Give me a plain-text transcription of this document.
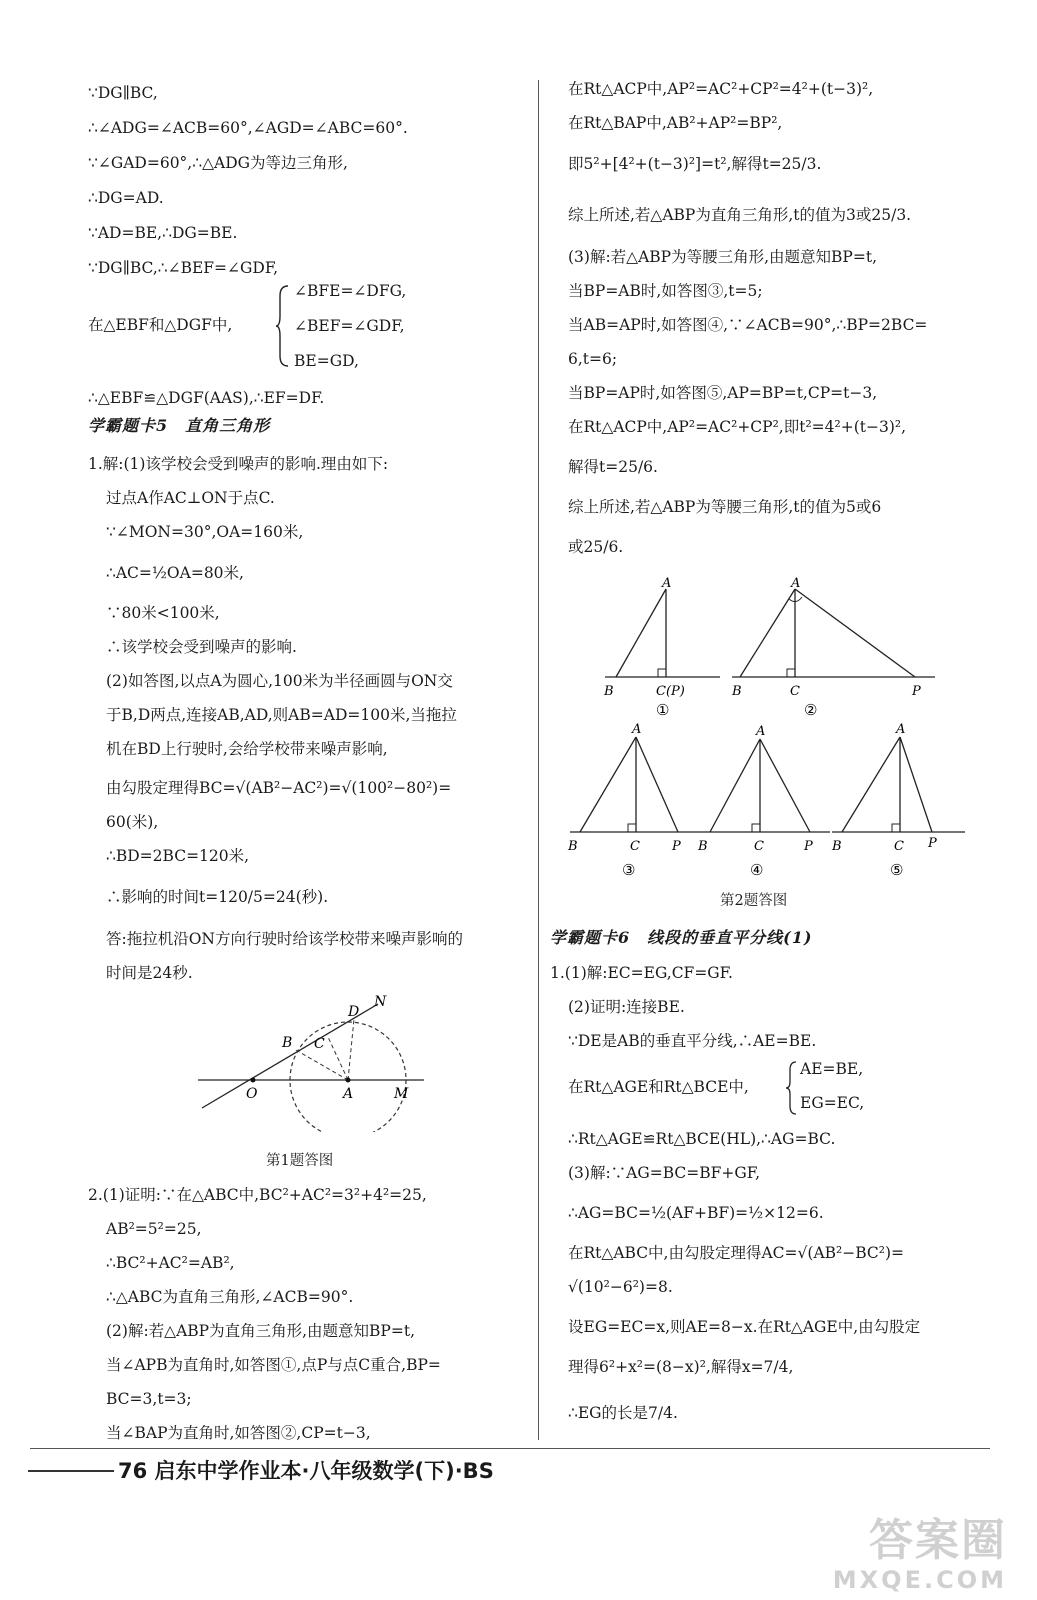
∵DG∥BC,
∴∠ADG=∠ACB=60°,∠AGD=∠ABC=60°.
∵∠GAD=60°,∴△ADG为等边三角形,
∴DG=AD.
∵AD=BE,∴DG=BE.
∵DG∥BC,∴∠BEF=∠GDF,
在△EBF和△DGF中,
∠BFE=∠DFG,
∠BEF=∠GDF,
BE=GD,
∴△EBF≌△DGF(AAS),∴EF=DF.
学霸题卡5　直角三角形
1.解:(1)该学校会受到噪声的影响.理由如下:
过点A作AC⊥ON于点C.
∵∠MON=30°,OA=160米,
∴AC=½OA=80米,
∵80米<100米,
∴该学校会受到噪声的影响.
(2)如答图,以点A为圆心,100米为半径画圆与ON交
于B,D两点,连接AB,AD,则AB=AD=100米,当拖拉
机在BD上行驶时,会给学校带来噪声影响,
由勾股定理得BC=√(AB²−AC²)=√(100²−80²)=
60(米),
∴BD=2BC=120米,
∴影响的时间t=120/5=24(秒).
答:拖拉机沿ON方向行驶时给该学校带来噪声影响的
时间是24秒.
O	A	M
N
B C
D
第1题答图
2.(1)证明:∵在△ABC中,BC²+AC²=3²+4²=25,
AB²=5²=25,
∴BC²+AC²=AB²,
∴△ABC为直角三角形,∠ACB=90°.
(2)解:若△ABP为直角三角形,由题意知BP=t,
当∠APB为直角时,如答图①,点P与点C重合,BP=
BC=3,t=3;
当∠BAP为直角时,如答图②,CP=t−3,
在Rt△ACP中,AP²=AC²+CP²=4²+(t−3)²,
在Rt△BAP中,AB²+AP²=BP²,
即5²+[4²+(t−3)²]=t²,解得t=25/3.
综上所述,若△ABP为直角三角形,t的值为3或25/3.
(3)解:若△ABP为等腰三角形,由题意知BP=t,
当BP=AB时,如答图③,t=5;
当AB=AP时,如答图④,∵∠ACB=90°,∴BP=2BC=
6,t=6;
当BP=AP时,如答图⑤,AP=BP=t,CP=t−3,
在Rt△ACP中,AP²=AC²+CP²,即t²=4²+(t−3)²,
解得t=25/6.
综上所述,若△ABP为等腰三角形,t的值为5或6
或25/6.
A
B	C(P)
①
A
B	C	P
②
A
B	C P
③
A
B	C	P
④
A
B	C P
⑤
第2题答图
学霸题卡6　线段的垂直平分线(1)
1.(1)解:EC=EG,CF=GF.
(2)证明:连接BE.
∵DE是AB的垂直平分线,∴AE=BE.
在Rt△AGE和Rt△BCE中,
AE=BE,
EG=EC,
∴Rt△AGE≌Rt△BCE(HL),∴AG=BC.
(3)解:∵AG=BC=BF+GF,
∴AG=BC=½(AF+BF)=½×12=6.
在Rt△ABC中,由勾股定理得AC=√(AB²−BC²)=
√(10²−6²)=8.
设EG=EC=x,则AE=8−x.在Rt△AGE中,由勾股定
理得6²+x²=(8−x)²,解得x=7/4,
∴EG的长是7/4.
76 启东中学作业本·八年级数学(下)·BS
答案圈
MXQE.COM
